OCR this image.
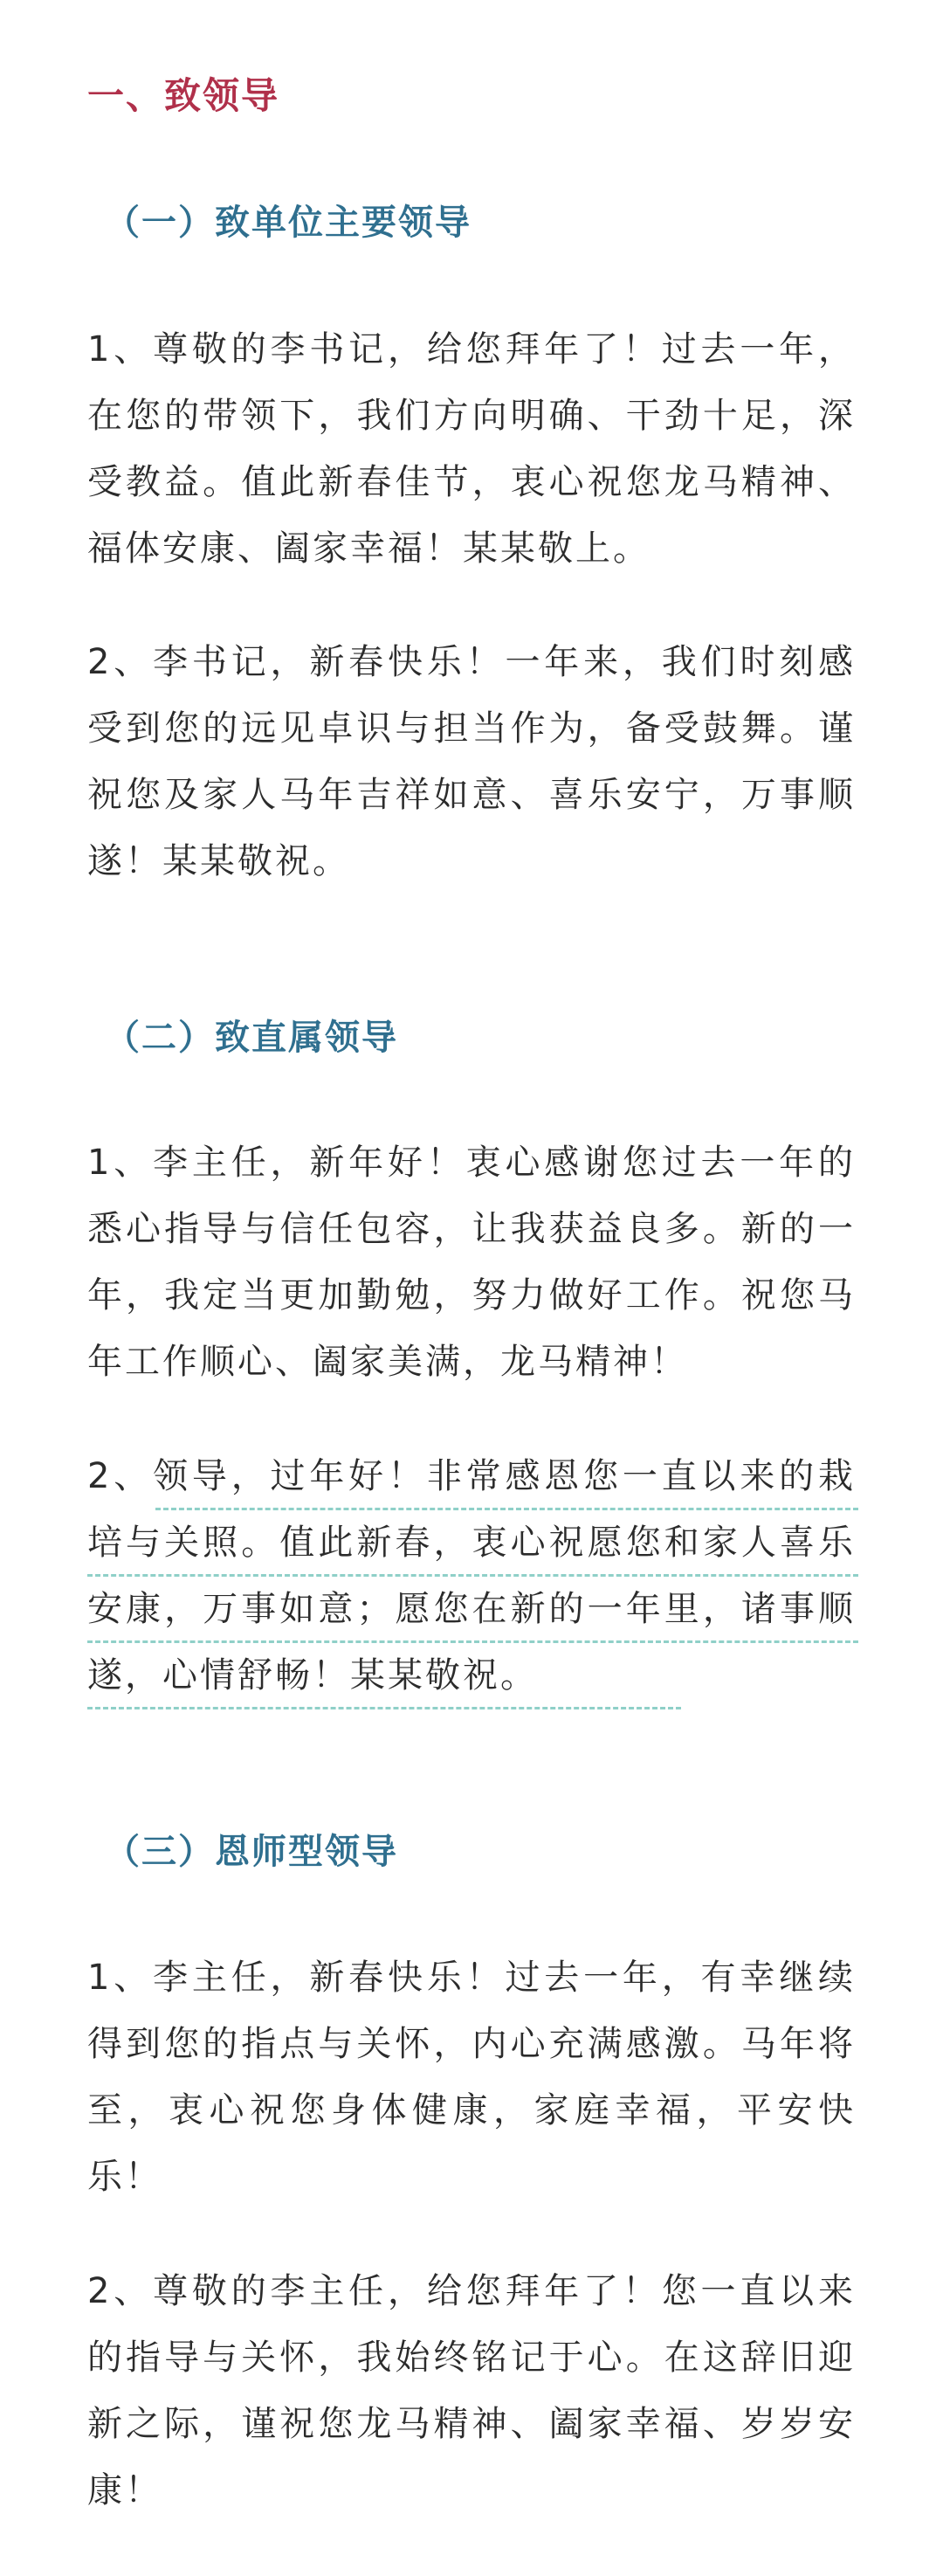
一、致领导
（一）致单位主要领导

1、尊敬的李书记，给您拜年了！过去一年，在您的带领下，我们方向明确、干劲十足，深受教益。值此新春佳节，衷心祝您龙马精神、福体安康、阖家幸福！某某敬上。

2、李书记，新春快乐！一年来，我们时刻感受到您的远见卓识与担当作为，备受鼓舞。谨祝您及家人马年吉祥如意、喜乐安宁，万事顺遂！某某敬祝。

（二）致直属领导

1、李主任，新年好！衷心感谢您过去一年的悉心指导与信任包容，让我获益良多。新的一年，我定当更加勤勉，努力做好工作。祝您马年工作顺心、阖家美满，龙马精神！

2、领导，过年好！非常感恩您一直以来的栽培与关照。值此新春，衷心祝愿您和家人喜乐安康，万事如意；愿您在新的一年里，诸事顺遂，心情舒畅！某某敬祝。

（三）恩师型领导

1、李主任，新春快乐！过去一年，有幸继续得到您的指点与关怀，内心充满感激。马年将至，衷心祝您身体健康，家庭幸福，平安快乐！

2、尊敬的李主任，给您拜年了！您一直以来的指导与关怀，我始终铭记于心。在这辞旧迎新之际，谨祝您龙马精神、阖家幸福、岁岁安康！
